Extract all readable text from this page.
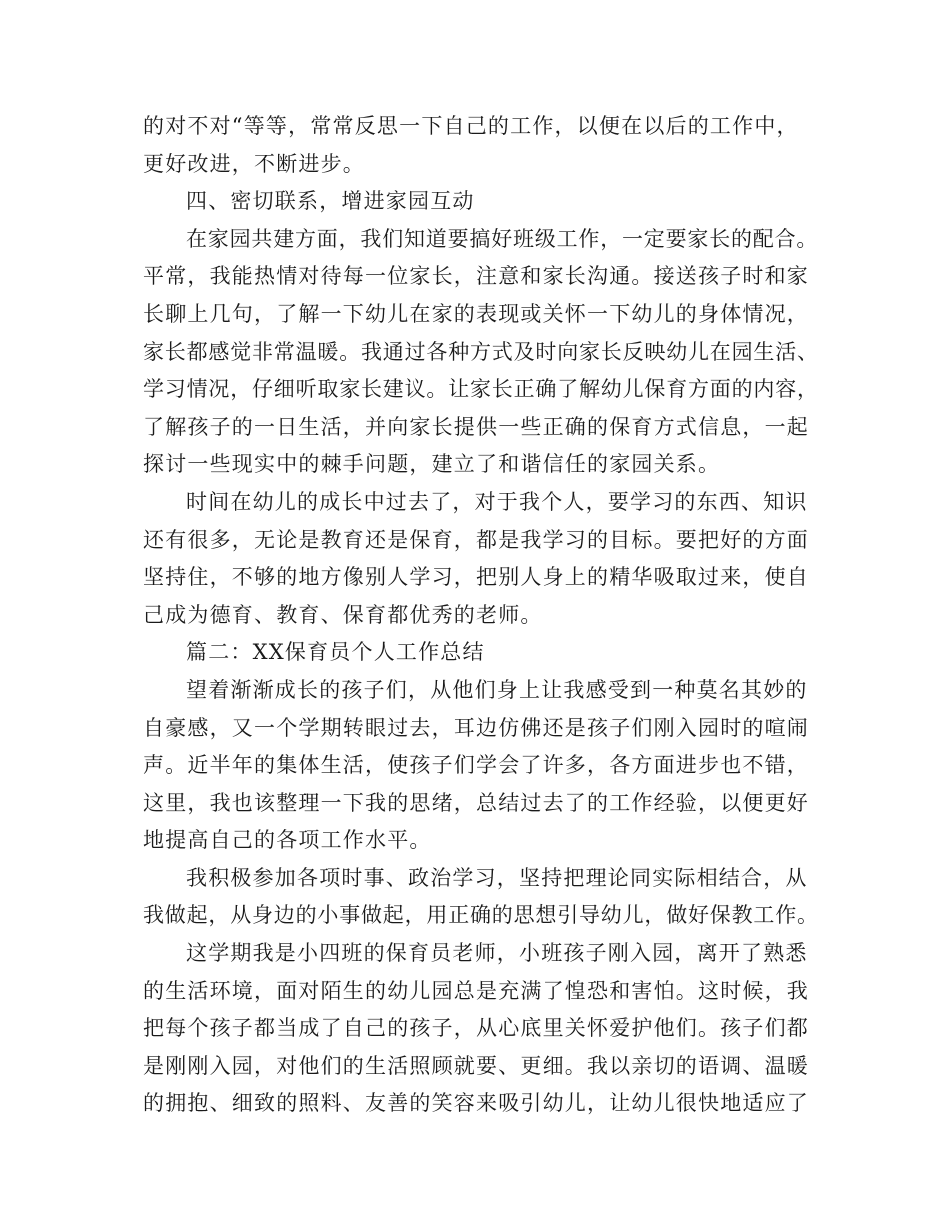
的对不对“等等，常常反思一下自己的工作，以便在以后的工作中，

更好改进，不断进步。

四、密切联系，增进家园互动

在家园共建方面，我们知道要搞好班级工作，一定要家长的配合。

平常，我能热情对待每一位家长，注意和家长沟通。接送孩子时和家

长聊上几句，了解一下幼儿在家的表现或关怀一下幼儿的身体情况，

家长都感觉非常温暖。我通过各种方式及时向家长反映幼儿在园生活、

学习情况，仔细听取家长建议。让家长正确了解幼儿保育方面的内容，

了解孩子的一日生活，并向家长提供一些正确的保育方式信息，一起

探讨一些现实中的棘手问题，建立了和谐信任的家园关系。

时间在幼儿的成长中过去了，对于我个人，要学习的东西、知识

还有很多，无论是教育还是保育，都是我学习的目标。要把好的方面

坚持住，不够的地方像别人学习，把别人身上的精华吸取过来，使自

己成为德育、教育、保育都优秀的老师。

篇二：XX保育员个人工作总结

望着渐渐成长的孩子们，从他们身上让我感受到一种莫名其妙的

自豪感，又一个学期转眼过去，耳边仿佛还是孩子们刚入园时的喧闹

声。近半年的集体生活，使孩子们学会了许多，各方面进步也不错，

这里，我也该整理一下我的思绪，总结过去了的工作经验，以便更好

地提高自己的各项工作水平。

我积极参加各项时事、政治学习，坚持把理论同实际相结合，从

我做起，从身边的小事做起，用正确的思想引导幼儿，做好保教工作。

这学期我是小四班的保育员老师，小班孩子刚入园，离开了熟悉

的生活环境，面对陌生的幼儿园总是充满了惶恐和害怕。这时候，我

把每个孩子都当成了自己的孩子，从心底里关怀爱护他们。孩子们都

是刚刚入园，对他们的生活照顾就要、更细。我以亲切的语调、温暖

的拥抱、细致的照料、友善的笑容来吸引幼儿，让幼儿很快地适应了
